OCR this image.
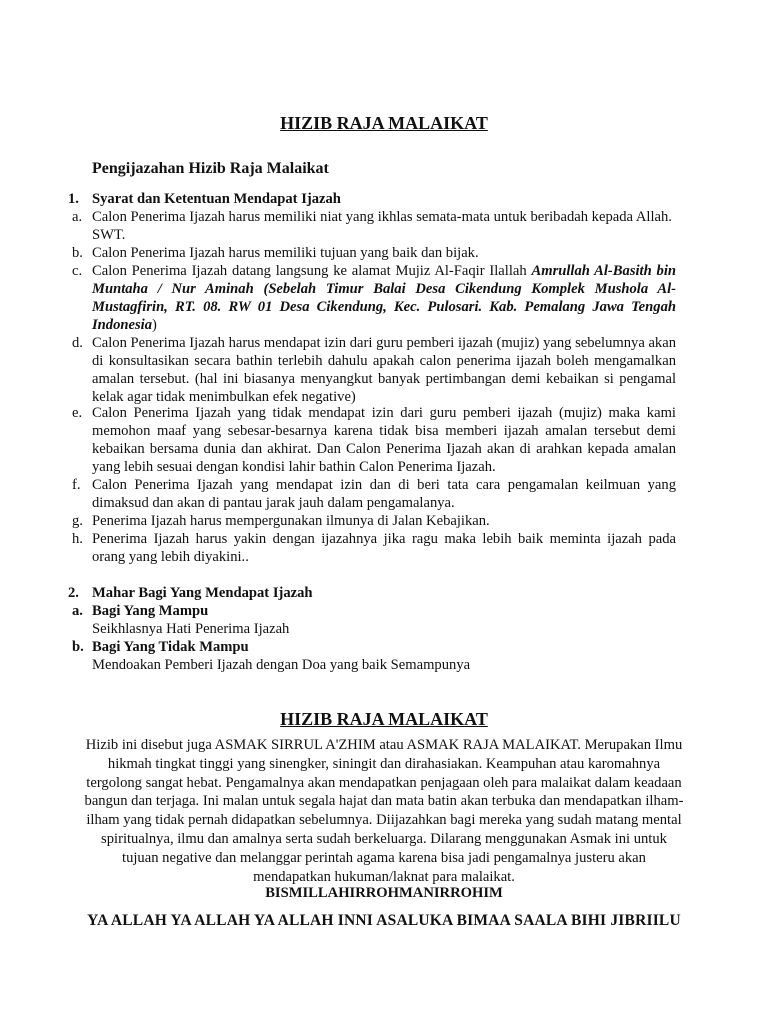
HIZIB RAJA MALAIKAT
Pengijazahan Hizib Raja Malaikat
1. Syarat dan Ketentuan Mendapat Ijazah
a. Calon Penerima Ijazah harus memiliki niat yang ikhlas semata-mata untuk beribadah kepada Allah. SWT.
b. Calon Penerima Ijazah harus memiliki tujuan yang baik dan bijak.
c. Calon Penerima Ijazah datang langsung ke alamat Mujiz Al-Faqir Ilallah Amrullah Al-Basith bin Muntaha / Nur Aminah (Sebelah Timur Balai Desa Cikendung Komplek Mushola Al-Mustagfirin, RT. 08. RW 01 Desa Cikendung, Kec. Pulosari. Kab. Pemalang Jawa Tengah Indonesia)
d. Calon Penerima Ijazah harus mendapat izin dari guru pemberi ijazah (mujiz) yang sebelumnya akan di konsultasikan secara bathin terlebih dahulu apakah calon penerima ijazah boleh mengamalkan amalan tersebut. (hal ini biasanya menyangkut banyak pertimbangan demi kebaikan si pengamal kelak agar tidak menimbulkan efek negative)
e. Calon Penerima Ijazah yang tidak mendapat izin dari guru pemberi ijazah (mujiz) maka kami memohon maaf yang sebesar-besarnya karena tidak bisa memberi ijazah amalan tersebut demi kebaikan bersama dunia dan akhirat. Dan Calon Penerima Ijazah akan di arahkan kepada amalan yang lebih sesuai dengan kondisi lahir bathin Calon Penerima Ijazah.
f. Calon Penerima Ijazah yang mendapat izin dan di beri tata cara pengamalan keilmuan yang dimaksud dan akan di pantau jarak jauh dalam pengamalanya.
g. Penerima Ijazah harus mempergunakan ilmunya di Jalan Kebajikan.
h. Penerima Ijazah harus yakin dengan ijazahnya jika ragu maka lebih baik meminta ijazah pada orang yang lebih diyakini..
2. Mahar Bagi Yang Mendapat Ijazah
a. Bagi Yang Mampu
Seikhlasnya Hati Penerima Ijazah
b. Bagi Yang Tidak Mampu
Mendoakan Pemberi Ijazah dengan Doa yang baik Semampunya
HIZIB RAJA MALAIKAT
Hizib ini disebut juga ASMAK SIRRUL A'ZHIM atau ASMAK RAJA MALAIKAT. Merupakan Ilmu hikmah tingkat tinggi yang sinengker, siningit dan dirahasiakan. Keampuhan atau karomahnya tergolong sangat hebat. Pengamalnya akan mendapatkan penjagaan oleh para malaikat dalam keadaan bangun dan terjaga. Ini malan untuk segala hajat dan mata batin akan terbuka dan mendapatkan ilham-ilham yang tidak pernah didapatkan sebelumnya. Diijazahkan bagi mereka yang sudah matang mental spiritualnya, ilmu dan amalnya serta sudah berkeluarga. Dilarang menggunakan Asmak ini untuk tujuan negative dan melanggar perintah agama karena bisa jadi pengamalnya justeru akan mendapatkan hukuman/laknat para malaikat.
BISMILLAHIRROHMANIRROHIM
YA ALLAH YA ALLAH YA ALLAH INNI ASALUKA BIMAA SAALA BIHI JIBRIILU
